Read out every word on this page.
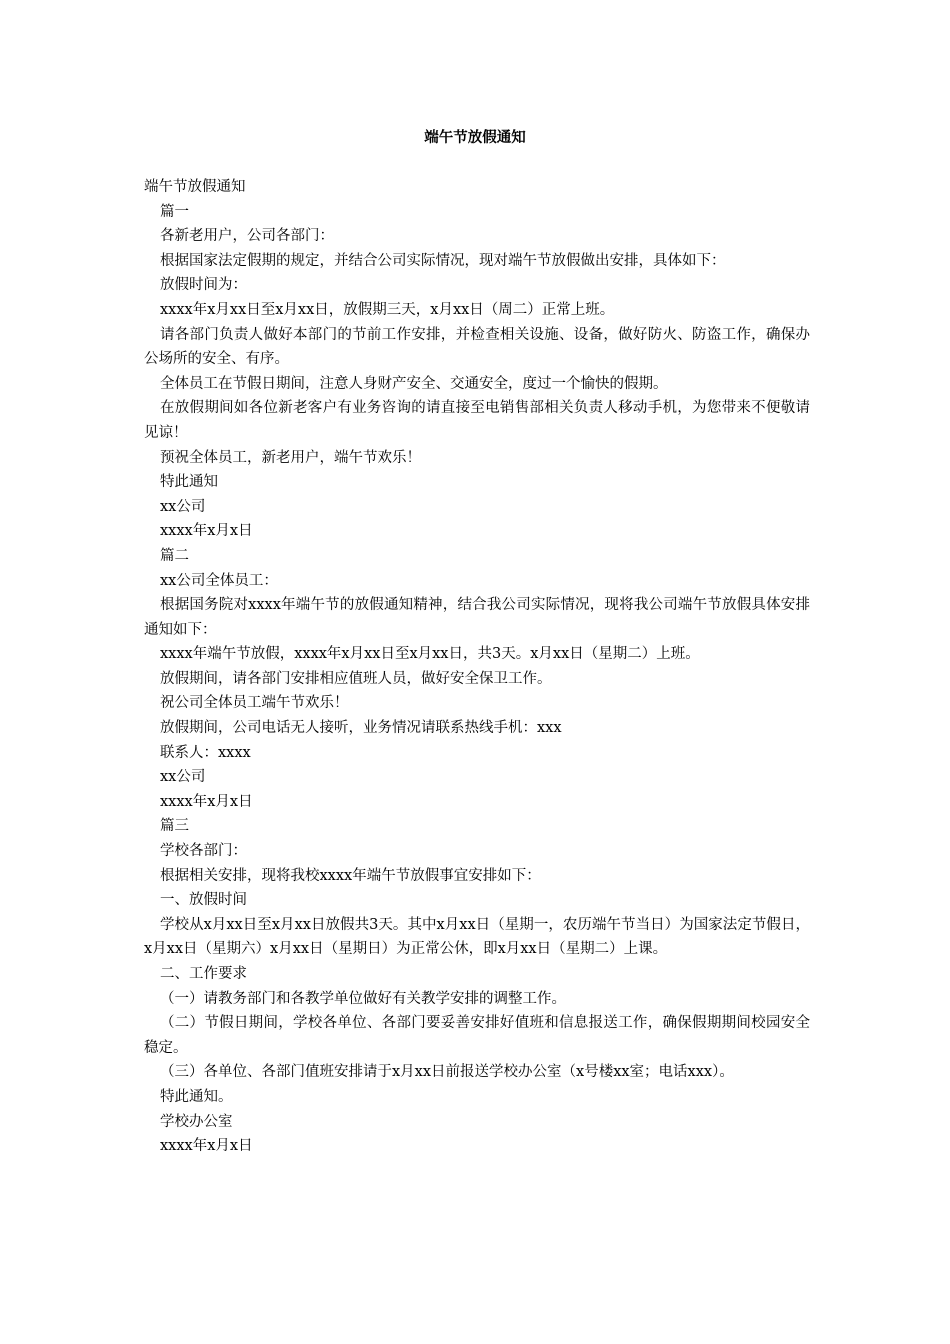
端午节放假通知

端午节放假通知

篇一

各新老用户，公司各部门：

根据国家法定假期的规定，并结合公司实际情况，现对端午节放假做出安排，具体如下：

放假时间为：

xxxx年x月xx日至x月xx日，放假期三天，x月xx日（周二）正常上班。

请各部门负责人做好本部门的节前工作安排，并检查相关设施、设备，做好防火、防盗工作，确保办公场所的安全、有序。

全体员工在节假日期间，注意人身财产安全、交通安全，度过一个愉快的假期。

在放假期间如各位新老客户有业务咨询的请直接至电销售部相关负责人移动手机，为您带来不便敬请见谅！

预祝全体员工，新老用户，端午节欢乐！

特此通知

xx公司

xxxx年x月x日

篇二

xx公司全体员工：

根据国务院对xxxx年端午节的放假通知精神，结合我公司实际情况，现将我公司端午节放假具体安排通知如下：

xxxx年端午节放假，xxxx年x月xx日至x月xx日，共3天。x月xx日（星期二）上班。

放假期间，请各部门安排相应值班人员，做好安全保卫工作。

祝公司全体员工端午节欢乐！

放假期间，公司电话无人接听，业务情况请联系热线手机：xxx

联系人：xxxx

xx公司

xxxx年x月x日

篇三

学校各部门：

根据相关安排，现将我校xxxx年端午节放假事宜安排如下：

一、放假时间

学校从x月xx日至x月xx日放假共3天。其中x月xx日（星期一，农历端午节当日）为国家法定节假日，x月xx日（星期六）x月xx日（星期日）为正常公休，即x月xx日（星期二）上课。

二、工作要求

（一）请教务部门和各教学单位做好有关教学安排的调整工作。

（二）节假日期间，学校各单位、各部门要妥善安排好值班和信息报送工作，确保假期期间校园安全稳定。

（三）各单位、各部门值班安排请于x月xx日前报送学校办公室（x号楼xx室；电话xxx）。

特此通知。

学校办公室

xxxx年x月x日
